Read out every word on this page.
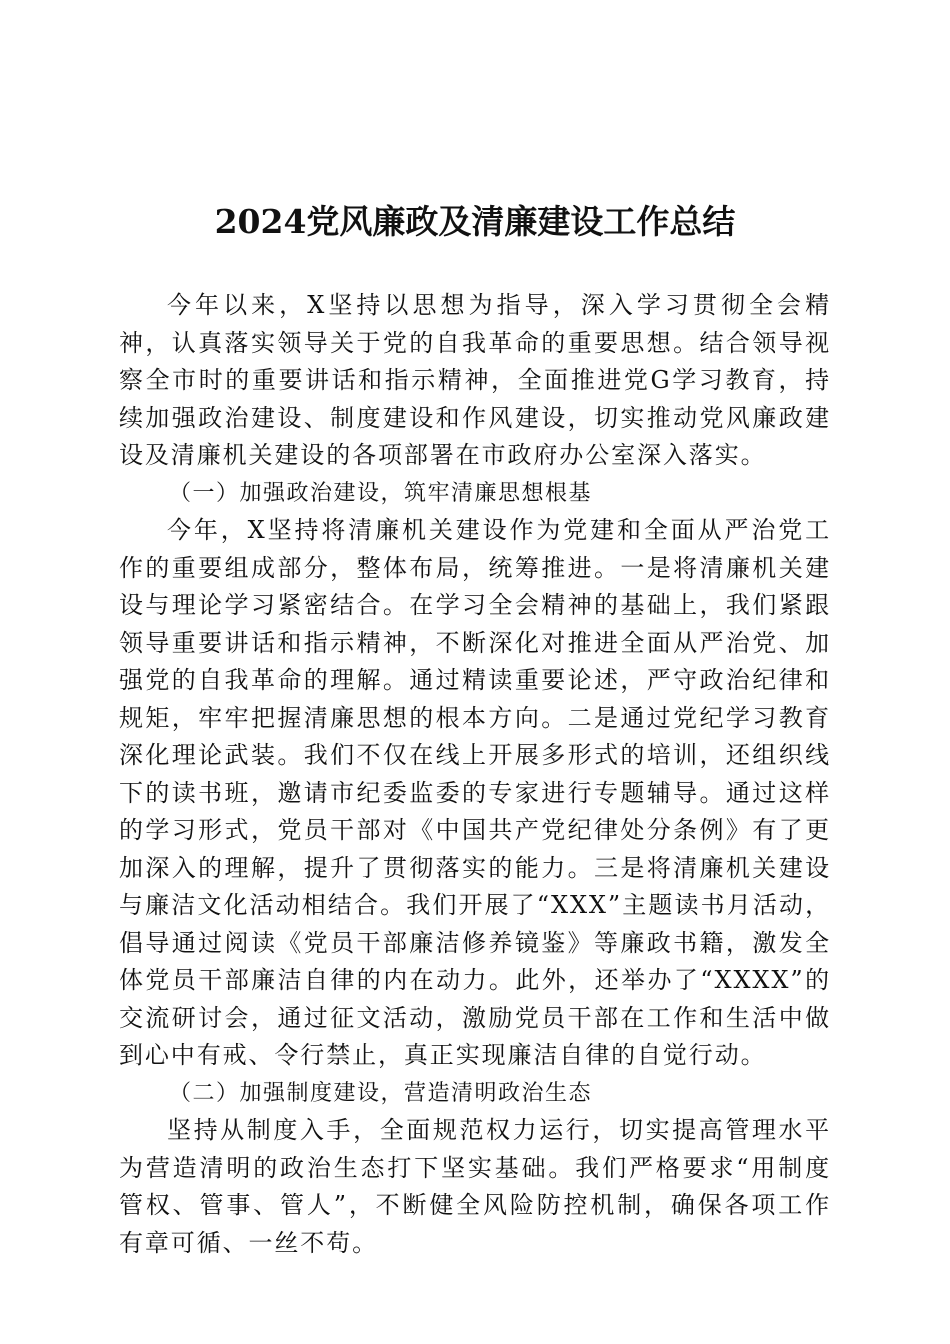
2024党风廉政及清廉建设工作总结

今年以来，X坚持以思想为指导，深入学习贯彻全会精神，认真落实领导关于党的自我革命的重要思想。结合领导视察全市时的重要讲话和指示精神，全面推进党G学习教育，持续加强政治建设、制度建设和作风建设，切实推动党风廉政建设及清廉机关建设的各项部署在市政府办公室深入落实。

（一）加强政治建设，筑牢清廉思想根基

今年，X坚持将清廉机关建设作为党建和全面从严治党工作的重要组成部分，整体布局，统筹推进。一是将清廉机关建设与理论学习紧密结合。在学习全会精神的基础上，我们紧跟领导重要讲话和指示精神，不断深化对推进全面从严治党、加强党的自我革命的理解。通过精读重要论述，严守政治纪律和规矩，牢牢把握清廉思想的根本方向。二是通过党纪学习教育深化理论武装。我们不仅在线上开展多形式的培训，还组织线下的读书班，邀请市纪委监委的专家进行专题辅导。通过这样的学习形式，党员干部对《中国共产党纪律处分条例》有了更加深入的理解，提升了贯彻落实的能力。三是将清廉机关建设与廉洁文化活动相结合。我们开展了“XXX”主题读书月活动，倡导通过阅读《党员干部廉洁修养镜鉴》等廉政书籍，激发全体党员干部廉洁自律的内在动力。此外，还举办了“XXXX”的交流研讨会，通过征文活动，激励党员干部在工作和生活中做到心中有戒、令行禁止，真正实现廉洁自律的自觉行动。

（二）加强制度建设，营造清明政治生态

坚持从制度入手，全面规范权力运行，切实提高管理水平为营造清明的政治生态打下坚实基础。我们严格要求“用制度管权、管事、管人”，不断健全风险防控机制，确保各项工作有章可循、一丝不苟。
